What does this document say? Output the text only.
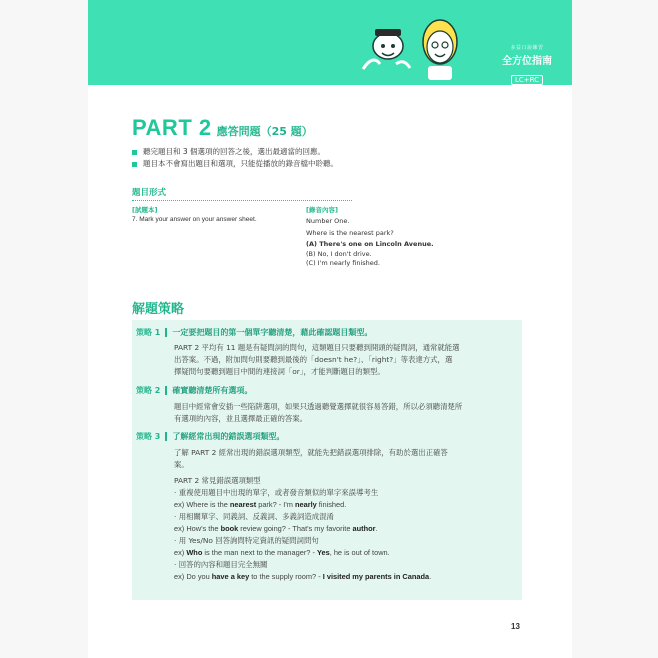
多益口說練習
全方位指南
LC+RC
PART 2 應答問題（25 題）
聽完題目和 3 個選項的回答之後，選出最適當的回應。
題目本不會寫出題目和選項，只能從播放的錄音檔中聆聽。
題目形式
[試題本]
7. Mark your answer on your answer sheet.
[錄音內容]
Number One.
Where is the nearest park?
(A) There's one on Lincoln Avenue.
(B) No, I don't drive.
(C) I'm nearly finished.
解題策略
策略 1 一定要把題目的第一個單字聽清楚，藉此確認題目類型。
PART 2 平均有 11 題是有疑問詞的問句，這類題目只要聽到開頭的疑問詞，通常就能選
出答案。不過，附加問句則要聽到最後的「doesn't he?」、「right?」等表達方式，選
擇疑問句要聽到題目中間的連接詞「or」，才能判斷題目的類型。
策略 2 確實聽清楚所有選項。
題目中經常會安插一些陷阱選項，如果只透過聽覺選擇就很容易答錯，所以必須聽清楚所
有選項的內容，並且選擇最正確的答案。
策略 3 了解經常出現的錯誤選項類型。
了解 PART 2 經常出現的錯誤選項類型，就能先把錯誤選項排除，有助於選出正確答
案。
PART 2 常見錯誤選項類型
· 重複使用題目中出現的單字，或者發音類似的單字來誤導考生
ex) Where is the nearest park? - I'm nearly finished.
· 用相關單字、同義詞、反義詞、多義詞造成混淆
ex) How's the book review going? - That's my favorite author.
· 用 Yes/No 回答詢問特定資訊的疑問詞問句
ex) Who is the man next to the manager? - Yes, he is out of town.
· 回答的內容和題目完全無關
ex) Do you have a key to the supply room? - I visited my parents in Canada.
13
